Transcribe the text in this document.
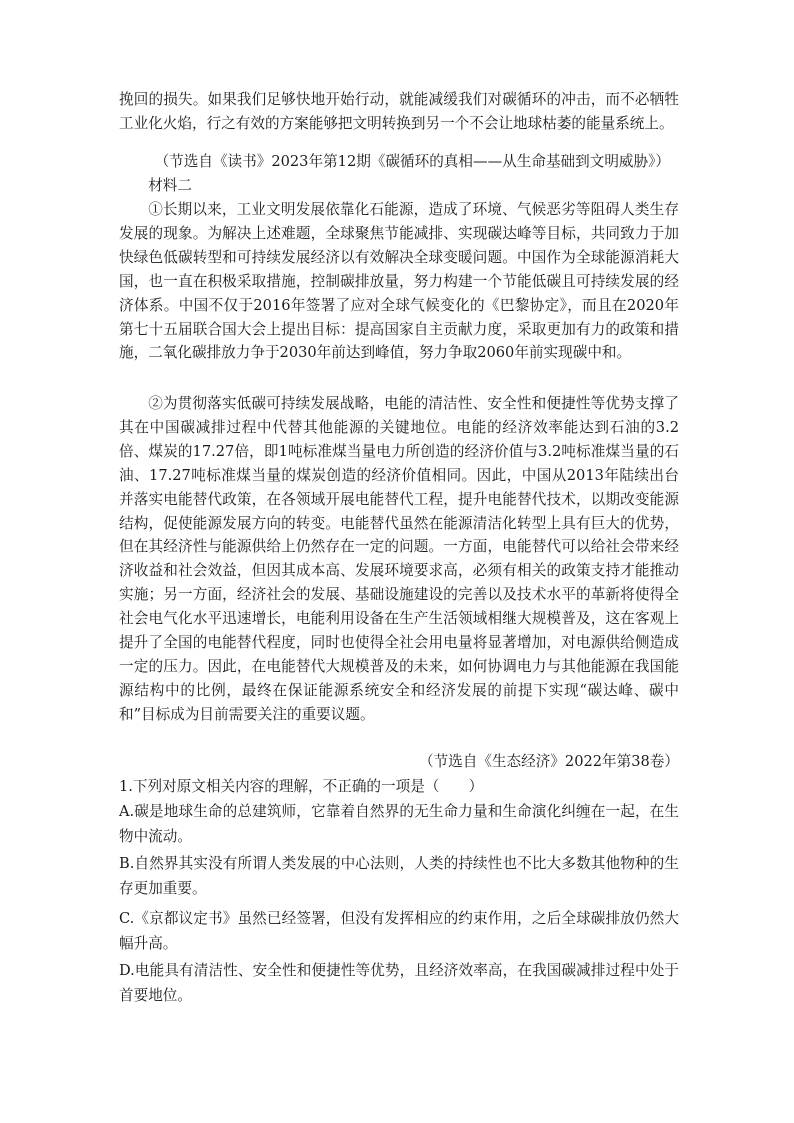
挽回的损失。如果我们足够快地开始行动，就能减缓我们对碳循环的冲击，而不必牺牲工业化火焰，行之有效的方案能够把文明转换到另一个不会让地球枯萎的能量系统上。
（节选自《读书》2023年第12期《碳循环的真相——从生命基础到文明威胁》）
材料二
①长期以来，工业文明发展依靠化石能源，造成了环境、气候恶劣等阻碍人类生存发展的现象。为解决上述难题，全球聚焦节能减排、实现碳达峰等目标，共同致力于加快绿色低碳转型和可持续发展经济以有效解决全球变暖问题。中国作为全球能源消耗大国，也一直在积极采取措施，控制碳排放量，努力构建一个节能低碳且可持续发展的经济体系。中国不仅于2016年签署了应对全球气候变化的《巴黎协定》，而且在2020年第七十五届联合国大会上提出目标：提高国家自主贡献力度，采取更加有力的政策和措施，二氧化碳排放力争于2030年前达到峰值，努力争取2060年前实现碳中和。
②为贯彻落实低碳可持续发展战略，电能的清洁性、安全性和便捷性等优势支撑了其在中国碳减排过程中代替其他能源的关键地位。电能的经济效率能达到石油的3.2倍、煤炭的17.27倍，即1吨标准煤当量电力所创造的经济价值与3.2吨标准煤当量的石油、17.27吨标准煤当量的煤炭创造的经济价值相同。因此，中国从2013年陆续出台并落实电能替代政策，在各领域开展电能替代工程，提升电能替代技术，以期改变能源结构，促使能源发展方向的转变。电能替代虽然在能源清洁化转型上具有巨大的优势，但在其经济性与能源供给上仍然存在一定的问题。一方面，电能替代可以给社会带来经济收益和社会效益，但因其成本高、发展环境要求高，必须有相关的政策支持才能推动实施；另一方面，经济社会的发展、基础设施建设的完善以及技术水平的革新将使得全社会电气化水平迅速增长，电能利用设备在生产生活领域相继大规模普及，这在客观上提升了全国的电能替代程度，同时也使得全社会用电量将显著增加，对电源供给侧造成一定的压力。因此，在电能替代大规模普及的未来，如何协调电力与其他能源在我国能源结构中的比例，最终在保证能源系统安全和经济发展的前提下实现“碳达峰、碳中和”目标成为目前需要关注的重要议题。
（节选自《生态经济》2022年第38卷）
1.下列对原文相关内容的理解，不正确的一项是（　　）
A.碳是地球生命的总建筑师，它靠着自然界的无生命力量和生命演化纠缠在一起，在生物中流动。
B.自然界其实没有所谓人类发展的中心法则，人类的持续性也不比大多数其他物种的生存更加重要。
C.《京都议定书》虽然已经签署，但没有发挥相应的约束作用，之后全球碳排放仍然大幅升高。
D.电能具有清洁性、安全性和便捷性等优势，且经济效率高，在我国碳减排过程中处于首要地位。
